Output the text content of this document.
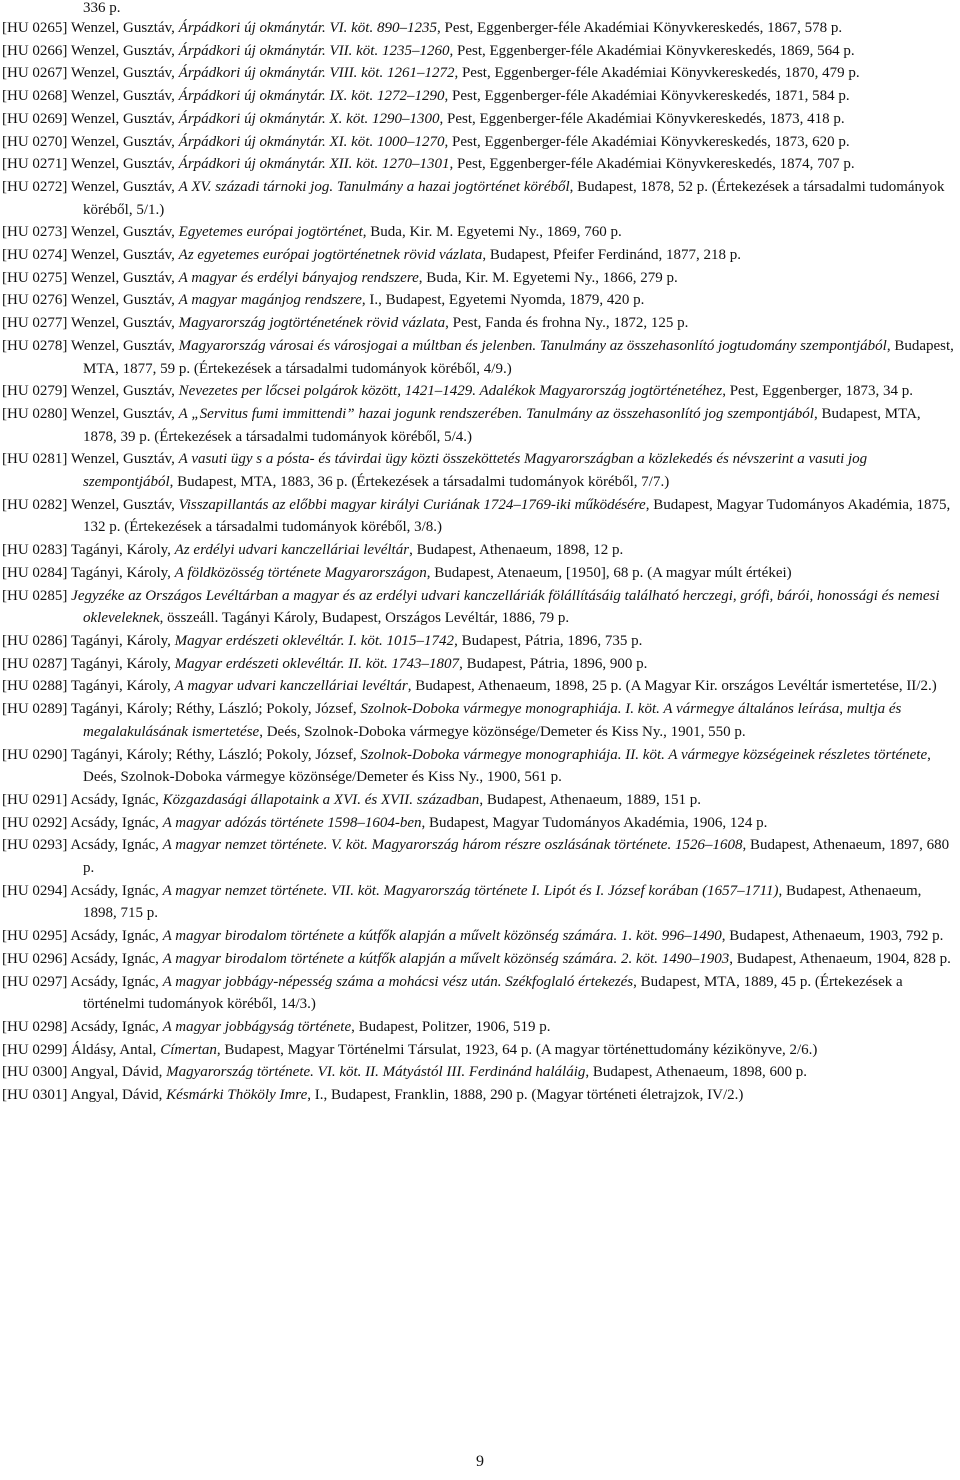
336 p.

[HU 0265] Wenzel, Gusztáv, Árpádkori új okmánytár. VI. köt. 890–1235, Pest, Eggenberger-féle Akadémiai Könyvkereskedés, 1867, 578 p.

[HU 0266] Wenzel, Gusztáv, Árpádkori új okmánytár. VII. köt. 1235–1260, Pest, Eggenberger-féle Akadémiai Könyvkereskedés, 1869, 564 p.

[HU 0267] Wenzel, Gusztáv, Árpádkori új okmánytár. VIII. köt. 1261–1272, Pest, Eggenberger-féle Akadémiai Könyvkereskedés, 1870, 479 p.

[HU 0268] Wenzel, Gusztáv, Árpádkori új okmánytár. IX. köt. 1272–1290, Pest, Eggenberger-féle Akadémiai Könyvkereskedés, 1871, 584 p.

[HU 0269] Wenzel, Gusztáv, Árpádkori új okmánytár. X. köt. 1290–1300, Pest, Eggenberger-féle Akadémiai Könyvkereskedés, 1873, 418 p.

[HU 0270] Wenzel, Gusztáv, Árpádkori új okmánytár. XI. köt. 1000–1270, Pest, Eggenberger-féle Akadémiai Könyvkereskedés, 1873, 620 p.

[HU 0271] Wenzel, Gusztáv, Árpádkori új okmánytár. XII. köt. 1270–1301, Pest, Eggenberger-féle Akadémiai Könyvkereskedés, 1874, 707 p.

[HU 0272] Wenzel, Gusztáv, A XV. századi tárnoki jog. Tanulmány a hazai jogtörténet köréből, Budapest, 1878, 52 p. (Értekezések a társadalmi tudományok köréből, 5/1.)

[HU 0273] Wenzel, Gusztáv, Egyetemes európai jogtörténet, Buda, Kir. M. Egyetemi Ny., 1869, 760 p.

[HU 0274] Wenzel, Gusztáv, Az egyetemes európai jogtörténetnek rövid vázlata, Budapest, Pfeifer Ferdinánd, 1877, 218 p.

[HU 0275] Wenzel, Gusztáv, A magyar és erdélyi bányajog rendszere, Buda, Kir. M. Egyetemi Ny., 1866, 279 p.

[HU 0276] Wenzel, Gusztáv, A magyar magánjog rendszere, I., Budapest, Egyetemi Nyomda, 1879, 420 p.

[HU 0277] Wenzel, Gusztáv, Magyarország jogtörténetének rövid vázlata, Pest, Fanda és frohna Ny., 1872, 125 p.

[HU 0278] Wenzel, Gusztáv, Magyarország városai és városjogai a múltban és jelenben. Tanulmány az összehasonlító jogtudomány szempontjából, Budapest, MTA, 1877, 59 p. (Értekezések a társadalmi tudományok köréből, 4/9.)

[HU 0279] Wenzel, Gusztáv, Nevezetes per lőcsei polgárok között, 1421–1429. Adalékok Magyarország jogtörténetéhez, Pest, Eggenberger, 1873, 34 p.

[HU 0280] Wenzel, Gusztáv, A „Servitus fumi immittendi” hazai jogunk rendszerében. Tanulmány az összehasonlító jog szempontjából, Budapest, MTA, 1878, 39 p. (Értekezések a társadalmi tudományok köréből, 5/4.)

[HU 0281] Wenzel, Gusztáv, A vasuti ügy s a pósta- és távirdai ügy közti összeköttetés Magyarországban a közlekedés és névszerint a vasuti jog szempontjából, Budapest, MTA, 1883, 36 p. (Értekezések a társadalmi tudományok köréből, 7/7.)

[HU 0282] Wenzel, Gusztáv, Visszapillantás az előbbi magyar királyi Curiának 1724–1769-iki működésére, Budapest, Magyar Tudományos Akadémia, 1875, 132 p. (Értekezések a társadalmi tudományok köréből, 3/8.)

[HU 0283] Tagányi, Károly, Az erdélyi udvari kanczelláriai levéltár, Budapest, Athenaeum, 1898, 12 p.

[HU 0284] Tagányi, Károly, A földközösség története Magyarországon, Budapest, Atenaeum, [1950], 68 p. (A magyar múlt értékei)

[HU 0285] Jegyzéke az Országos Levéltárban a magyar és az erdélyi udvari kanczelláriák fölállításáig található herczegi, grófi, bárói, honossági és nemesi okleveleknek, összeáll. Tagányi Károly, Budapest, Országos Levéltár, 1886, 79 p.

[HU 0286] Tagányi, Károly, Magyar erdészeti oklevéltár. I. köt. 1015–1742, Budapest, Pátria, 1896, 735 p.

[HU 0287] Tagányi, Károly, Magyar erdészeti oklevéltár. II. köt. 1743–1807, Budapest, Pátria, 1896, 900 p.

[HU 0288] Tagányi, Károly, A magyar udvari kanczelláriai levéltár, Budapest, Athenaeum, 1898, 25 p. (A Magyar Kir. országos Levéltár ismertetése, II/2.)

[HU 0289] Tagányi, Károly; Réthy, László; Pokoly, József, Szolnok-Doboka vármegye monographiája. I. köt. A vármegye általános leírása, multja és megalakulásának ismertetése, Deés, Szolnok-Doboka vármegye közönsége/Demeter és Kiss Ny., 1901, 550 p.

[HU 0290] Tagányi, Károly; Réthy, László; Pokoly, József, Szolnok-Doboka vármegye monographiája. II. köt. A vármegye községeinek részletes története, Deés, Szolnok-Doboka vármegye közönsége/Demeter és Kiss Ny., 1900, 561 p.

[HU 0291] Acsády, Ignác, Közgazdasági állapotaink a XVI. és XVII. században, Budapest, Athenaeum, 1889, 151 p.

[HU 0292] Acsády, Ignác, A magyar adózás története 1598–1604-ben, Budapest, Magyar Tudományos Akadémia, 1906, 124 p.

[HU 0293] Acsády, Ignác, A magyar nemzet története. V. köt. Magyarország három részre oszlásának története. 1526–1608, Budapest, Athenaeum, 1897, 680 p.

[HU 0294] Acsády, Ignác, A magyar nemzet története. VII. köt. Magyarország története I. Lipót és I. József korában (1657–1711), Budapest, Athenaeum, 1898, 715 p.

[HU 0295] Acsády, Ignác, A magyar birodalom története a kútfők alapján a művelt közönség számára. 1. köt. 996–1490, Budapest, Athenaeum, 1903, 792 p.

[HU 0296] Acsády, Ignác, A magyar birodalom története a kútfők alapján a művelt közönség számára. 2. köt. 1490–1903, Budapest, Athenaeum, 1904, 828 p.

[HU 0297] Acsády, Ignác, A magyar jobbágy-népesség száma a mohácsi vész után. Székfoglaló értekezés, Budapest, MTA, 1889, 45 p. (Értekezések a történelmi tudományok köréből, 14/3.)

[HU 0298] Acsády, Ignác, A magyar jobbágyság története, Budapest, Politzer, 1906, 519 p.

[HU 0299] Áldásy, Antal, Címertan, Budapest, Magyar Történelmi Társulat, 1923, 64 p. (A magyar történettudomány kézikönyve, 2/6.)

[HU 0300] Angyal, Dávid, Magyarország története. VI. köt. II. Mátyástól III. Ferdinánd haláláig, Budapest, Athenaeum, 1898, 600 p.

[HU 0301] Angyal, Dávid, Késmárki Thököly Imre, I., Budapest, Franklin, 1888, 290 p. (Magyar történeti életrajzok, IV/2.)

9
